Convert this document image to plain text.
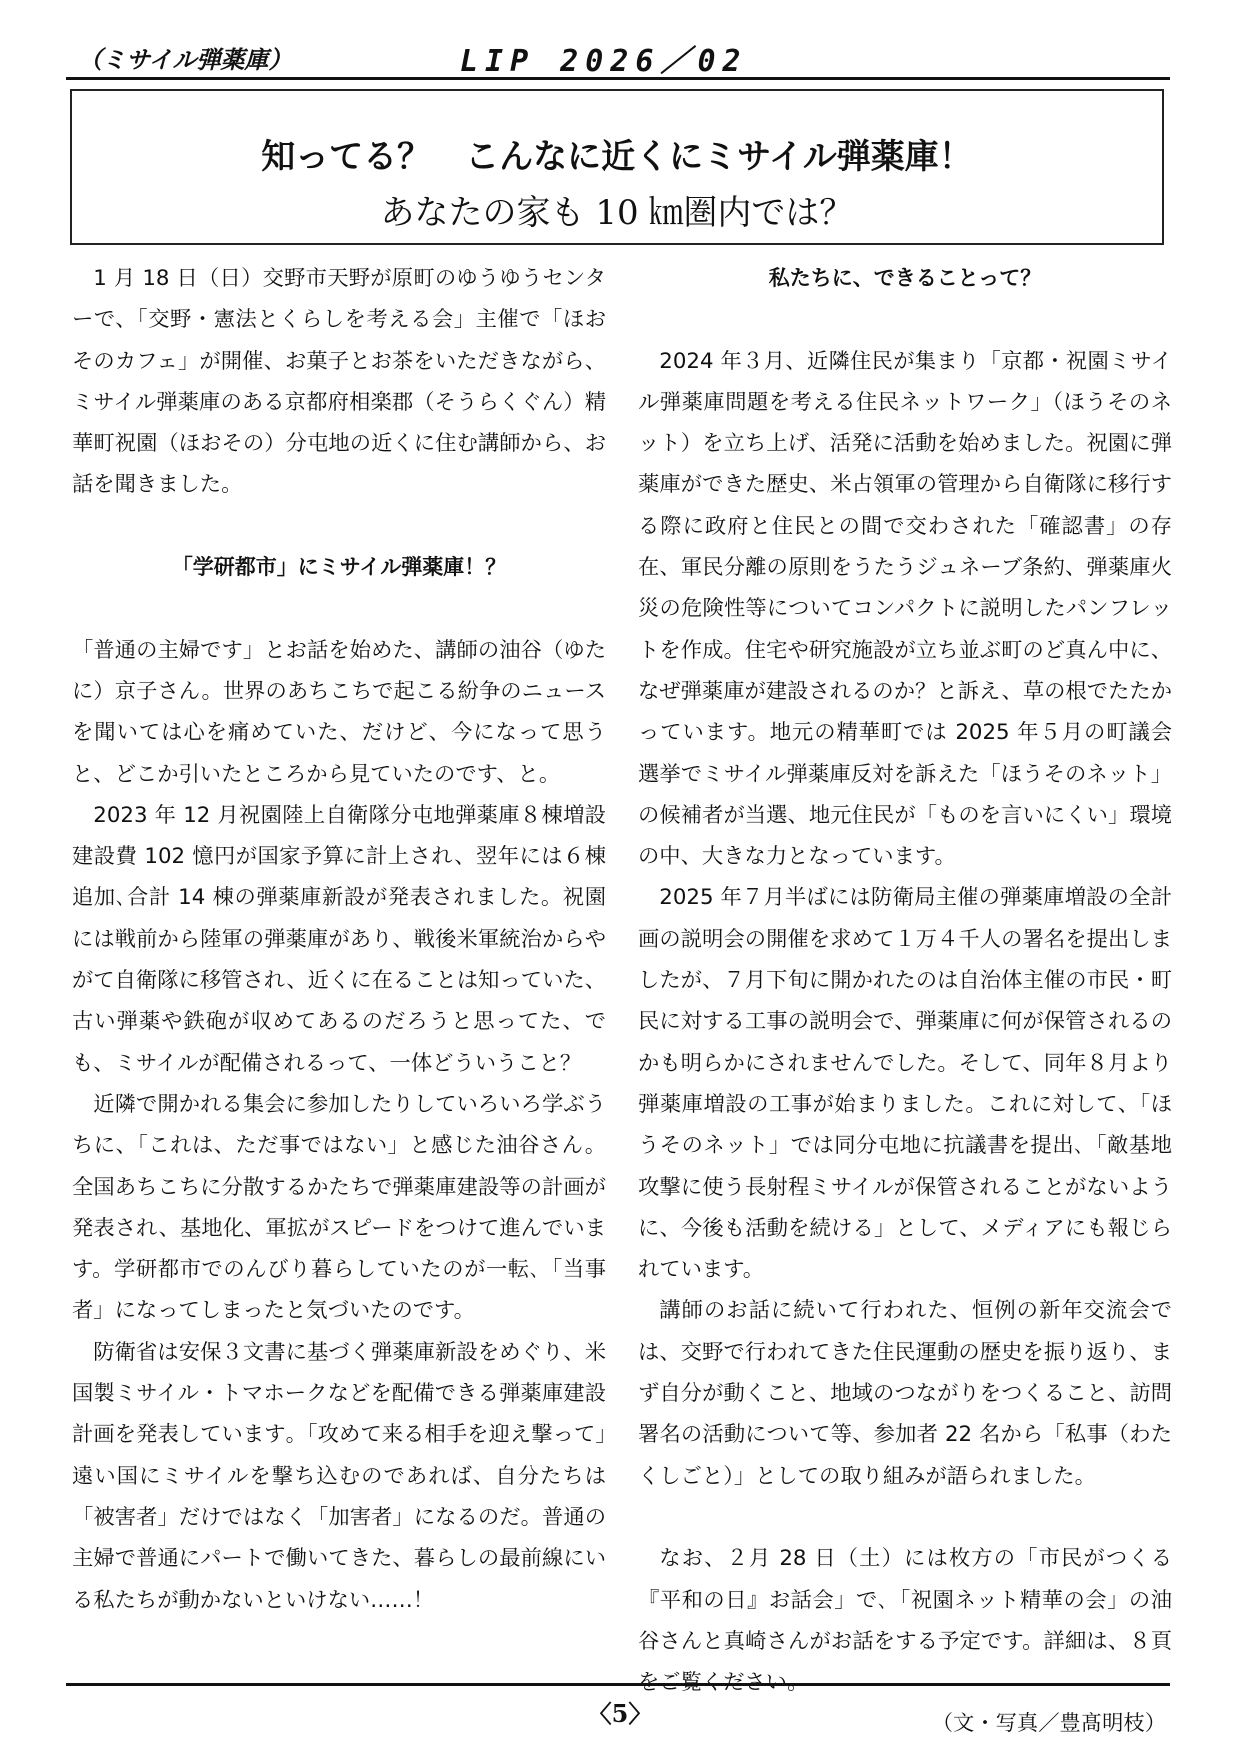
（ミサイル弾薬庫）	LIP 2026／02
知ってる？　こんなに近くにミサイル弾薬庫！
あなたの家も 10 ㎞圏内では？

1 月 18 日（日）交野市天野が原町のゆうゆうセンターで、「交野・憲法とくらしを考える会」主催で「ほおそのカフェ」が開催、お菓子とお茶をいただきながら、ミサイル弾薬庫のある京都府相楽郡（そうらくぐん）精華町祝園（ほおその）分屯地の近くに住む講師から、お話を聞きました。

「学研都市」にミサイル弾薬庫！？

「普通の主婦です」とお話を始めた、講師の油谷（ゆたに）京子さん。世界のあちこちで起こる紛争のニュースを聞いては心を痛めていた、だけど、今になって思うと、どこか引いたところから見ていたのです、と。

2023 年 12 月祝園陸上自衛隊分屯地弾薬庫８棟増設建設費 102 憶円が国家予算に計上され、翌年には６棟追加､合計 14 棟の弾薬庫新設が発表されました。祝園には戦前から陸軍の弾薬庫があり、戦後米軍統治からやがて自衛隊に移管され、近くに在ることは知っていた、古い弾薬や鉄砲が収めてあるのだろうと思ってた、でも、ミサイルが配備されるって、一体どういうこと？

近隣で開かれる集会に参加したりしていろいろ学ぶうちに、「これは、ただ事ではない」と感じた油谷さん。全国あちこちに分散するかたちで弾薬庫建設等の計画が発表され、基地化、軍拡がスピードをつけて進んでいます。学研都市でのんびり暮らしていたのが一転､「当事者」になってしまったと気づいたのです。

防衛省は安保３文書に基づく弾薬庫新設をめぐり、米国製ミサイル・トマホークなどを配備できる弾薬庫建設計画を発表しています｡「攻めて来る相手を迎え撃って」遠い国にミサイルを撃ち込むのであれば、自分たちは「被害者」だけではなく「加害者」になるのだ。普通の主婦で普通にパートで働いてきた、暮らしの最前線にいる私たちが動かないといけない……！

私たちに、できることって？

2024 年３月、近隣住民が集まり「京都・祝園ミサイル弾薬庫問題を考える住民ネットワーク」（ほうそのネット）を立ち上げ、活発に活動を始めました。祝園に弾薬庫ができた歴史、米占領軍の管理から自衛隊に移行する際に政府と住民との間で交わされた「確認書」の存在、軍民分離の原則をうたうジュネーブ条約、弾薬庫火災の危険性等についてコンパクトに説明したパンフレットを作成。住宅や研究施設が立ち並ぶ町のど真ん中に、なぜ弾薬庫が建設されるのか？と訴え、草の根でたたかっています。地元の精華町では 2025 年５月の町議会選挙でミサイル弾薬庫反対を訴えた「ほうそのネット」の候補者が当選、地元住民が「ものを言いにくい」環境の中、大きな力となっています。

2025 年７月半ばには防衛局主催の弾薬庫増設の全計画の説明会の開催を求めて１万４千人の署名を提出しましたが、７月下旬に開かれたのは自治体主催の市民・町民に対する工事の説明会で、弾薬庫に何が保管されるのかも明らかにされませんでした。そして、同年８月より弾薬庫増設の工事が始まりました。これに対して、「ほうそのネット」では同分屯地に抗議書を提出､「敵基地攻撃に使う長射程ミサイルが保管されることがないように、今後も活動を続ける」として、メディアにも報じられています。

講師のお話に続いて行われた、恒例の新年交流会では、交野で行われてきた住民運動の歴史を振り返り、まず自分が動くこと、地域のつながりをつくること、訪問署名の活動について等、参加者 22 名から「私事（わたくしごと）」としての取り組みが語られました。

なお、２月 28 日（土）には枚方の「市民がつくる『平和の日』お話会」で､「祝園ネット精華の会」の油谷さんと真崎さんがお話をする予定です。詳細は、８頁をご覧ください。

（文・写真／豊髙明枝）

〈5〉
